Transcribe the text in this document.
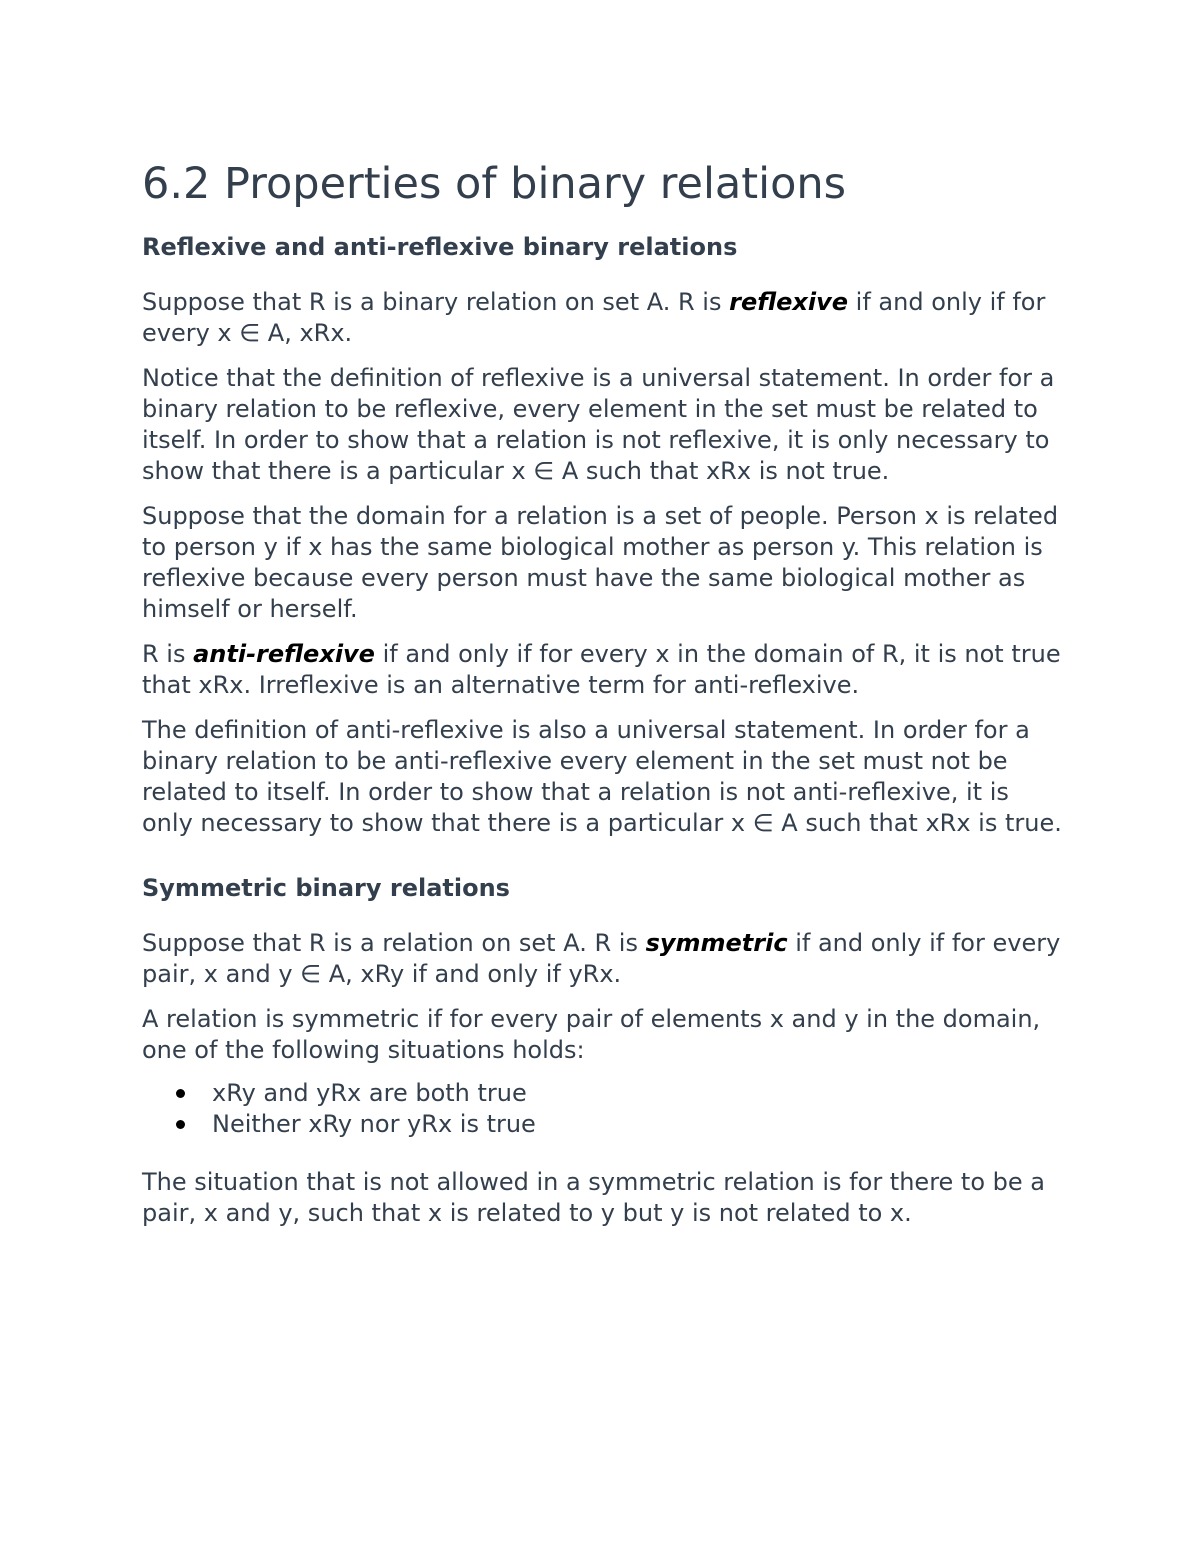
6.2 Properties of binary relations
Reflexive and anti-reflexive binary relations

Suppose that R is a binary relation on set A. R is reflexive if and only if for every x ∈ A, xRx.

Notice that the definition of reflexive is a universal statement. In order for a binary relation to be reflexive, every element in the set must be related to itself. In order to show that a relation is not reflexive, it is only necessary to show that there is a particular x ∈ A such that xRx is not true.

Suppose that the domain for a relation is a set of people. Person x is related to person y if x has the same biological mother as person y. This relation is reflexive because every person must have the same biological mother as himself or herself.

R is anti-reflexive if and only if for every x in the domain of R, it is not true that xRx. Irreflexive is an alternative term for anti-reflexive.

The definition of anti-reflexive is also a universal statement. In order for a binary relation to be anti-reflexive every element in the set must not be related to itself. In order to show that a relation is not anti-reflexive, it is only necessary to show that there is a particular x ∈ A such that xRx is true.

Symmetric binary relations

Suppose that R is a relation on set A. R is symmetric if and only if for every pair, x and y ∈ A, xRy if and only if yRx.

A relation is symmetric if for every pair of elements x and y in the domain, one of the following situations holds:

xRy and yRx are both true
Neither xRy nor yRx is true

The situation that is not allowed in a symmetric relation is for there to be a pair, x and y, such that x is related to y but y is not related to x.
